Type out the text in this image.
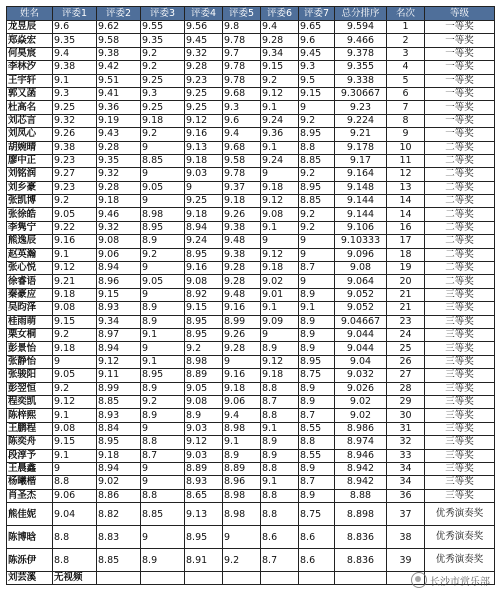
姓名	评委1	评委2	评委3	评委4	评委5	评委6	评委7	总分排序	名次	等级
龙昱辰	9.6	9.62	9.55	9.56	9.8	9.4	9.65	9.594	1	一等奖
郑焱宏	9.35	9.58	9.35	9.45	9.78	9.28	9.6	9.466	2	一等奖
何昊宸	9.4	9.38	9.2	9.32	9.7	9.34	9.45	9.378	3	一等奖
李林汐	9.38	9.42	9.2	9.28	9.78	9.15	9.3	9.355	4	一等奖
王宇轩	9.1	9.51	9.25	9.23	9.78	9.2	9.5	9.338	5	一等奖
郭又菡	9.3	9.41	9.3	9.25	9.68	9.12	9.15	9.30667	6	一等奖
杜高名	9.25	9.36	9.25	9.25	9.3	9.1	9	9.23	7	一等奖
刘芯言	9.32	9.19	9.18	9.12	9.6	9.24	9.2	9.224	8	一等奖
刘凤心	9.26	9.43	9.2	9.16	9.4	9.36	8.95	9.21	9	一等奖
胡婉晴	9.38	9.28	9	9.13	9.68	9.1	8.8	9.178	10	二等奖
廖中正	9.23	9.35	8.85	9.18	9.58	9.24	8.85	9.17	11	二等奖
刘铭润	9.27	9.32	9	9.03	9.78	9	9.2	9.164	12	二等奖
刘乡豪	9.23	9.28	9.05	9	9.37	9.18	8.95	9.148	13	二等奖
张凯博	9.2	9.18	9	9.25	9.18	9.12	8.85	9.144	14	二等奖
张徐皓	9.05	9.46	8.98	9.18	9.26	9.08	9.2	9.144	14	二等奖
李隽宁	9.22	9.32	8.95	8.94	9.38	9.1	9.2	9.106	16	二等奖
熊逸辰	9.16	9.08	8.9	9.24	9.48	9	9	9.10333	17	二等奖
赵英瀚	9.1	9.06	9.2	8.95	9.38	9.12	9	9.096	18	二等奖
张心悦	9.12	8.94	9	9.16	9.28	9.18	8.7	9.08	19	二等奖
徐睿语	9.21	8.96	9.05	9.08	9.28	9.02	9	9.064	20	二等奖
秦豪应	9.18	9.15	9	8.92	9.48	9.01	8.9	9.052	21	三等奖
吴昀泽	9.08	8.93	8.9	9.15	9.16	9.1	9.1	9.052	21	三等奖
桂雨萌	9.15	9.34	8.9	8.95	8.99	9.09	8.9	9.04667	23	三等奖
栗女桐	9.2	8.97	9.1	8.95	9.26	9	8.9	9.044	24	三等奖
彭景怡	9.18	8.94	9	9.2	9.28	8.9	8.9	9.044	25	三等奖
张静怡	9	9.12	9.1	8.98	9	9.12	8.95	9.04	26	三等奖
张骏阳	9.05	9.11	8.95	8.89	9.16	9.18	8.75	9.032	27	三等奖
彭翌恒	9.2	8.99	8.9	9.05	9.18	8.8	8.9	9.026	28	三等奖
程奕凯	9.12	8.85	9.2	9.08	9.06	8.7	8.9	9.02	29	三等奖
陈梓熙	9.1	8.93	8.9	8.9	9.4	8.8	8.7	9.02	30	三等奖
王鹏程	9.08	8.84	9	9.03	8.98	9.1	8.55	8.986	31	三等奖
陈奕舟	9.15	8.95	8.8	9.12	9.1	8.9	8.8	8.974	32	三等奖
段淳予	9.1	9.18	8.7	9.03	8.9	8.9	8.55	8.946	33	三等奖
王晨鑫	9	8.94	9	8.89	8.89	8.8	8.9	8.942	34	三等奖
杨曦楷	8.8	9.02	9	8.93	8.96	9.1	8.7	8.942	34	三等奖
肖圣杰	9.06	8.86	8.8	8.65	8.98	8.8	8.9	8.88	36	三等奖
熊佳妮	9.04	8.82	8.85	9.13	8.98	8.8	8.75	8.898	37	优秀演奏奖
陈博晗	8.8	8.83	9	8.95	9	8.6	8.6	8.836	38	优秀演奏奖
陈泺伊	8.8	8.85	8.9	8.91	9.2	8.7	8.6	8.836	39	优秀演奏奖
刘芸溪	无视频										长沙市赏乐部
